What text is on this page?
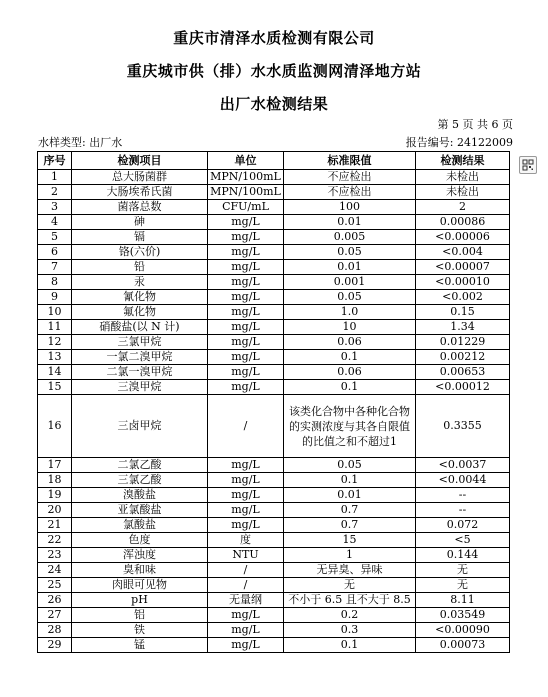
重庆市清泽水质检测有限公司
重庆城市供（排）水水质监测网清泽地方站
出厂水检测结果
第 5 页 共 6 页
水样类型: 出厂水	报告编号: 24122009
序号	检测项目	单位	标准限值	检测结果
1	总大肠菌群	MPN/100mL	不应检出	未检出
2	大肠埃希氏菌	MPN/100mL	不应检出	未检出
3	菌落总数	CFU/mL	100	2
4	砷	mg/L	0.01	0.00086
5	镉	mg/L	0.005	<0.00006
6	铬(六价)	mg/L	0.05	<0.004
7	铅	mg/L	0.01	<0.00007
8	汞	mg/L	0.001	<0.00010
9	氰化物	mg/L	0.05	<0.002
10	氟化物	mg/L	1.0	0.15
11	硝酸盐(以 N 计)	mg/L	10	1.34
12	三氯甲烷	mg/L	0.06	0.01229
13	一氯二溴甲烷	mg/L	0.1	0.00212
14	二氯一溴甲烷	mg/L	0.06	0.00653
15	三溴甲烷	mg/L	0.1	<0.00012
16	三卤甲烷	/	该类化合物中各种化合物的实测浓度与其各自限值的比值之和不超过1	0.3355
17	二氯乙酸	mg/L	0.05	<0.0037
18	三氯乙酸	mg/L	0.1	<0.0044
19	溴酸盐	mg/L	0.01	--
20	亚氯酸盐	mg/L	0.7	--
21	氯酸盐	mg/L	0.7	0.072
22	色度	度	15	<5
23	浑浊度	NTU	1	0.144
24	臭和味	/	无异臭、异味	无
25	肉眼可见物	/	无	无
26	pH	无量纲	不小于 6.5 且不大于 8.5	8.11
27	铝	mg/L	0.2	0.03549
28	铁	mg/L	0.3	<0.00090
29	锰	mg/L	0.1	0.00073
